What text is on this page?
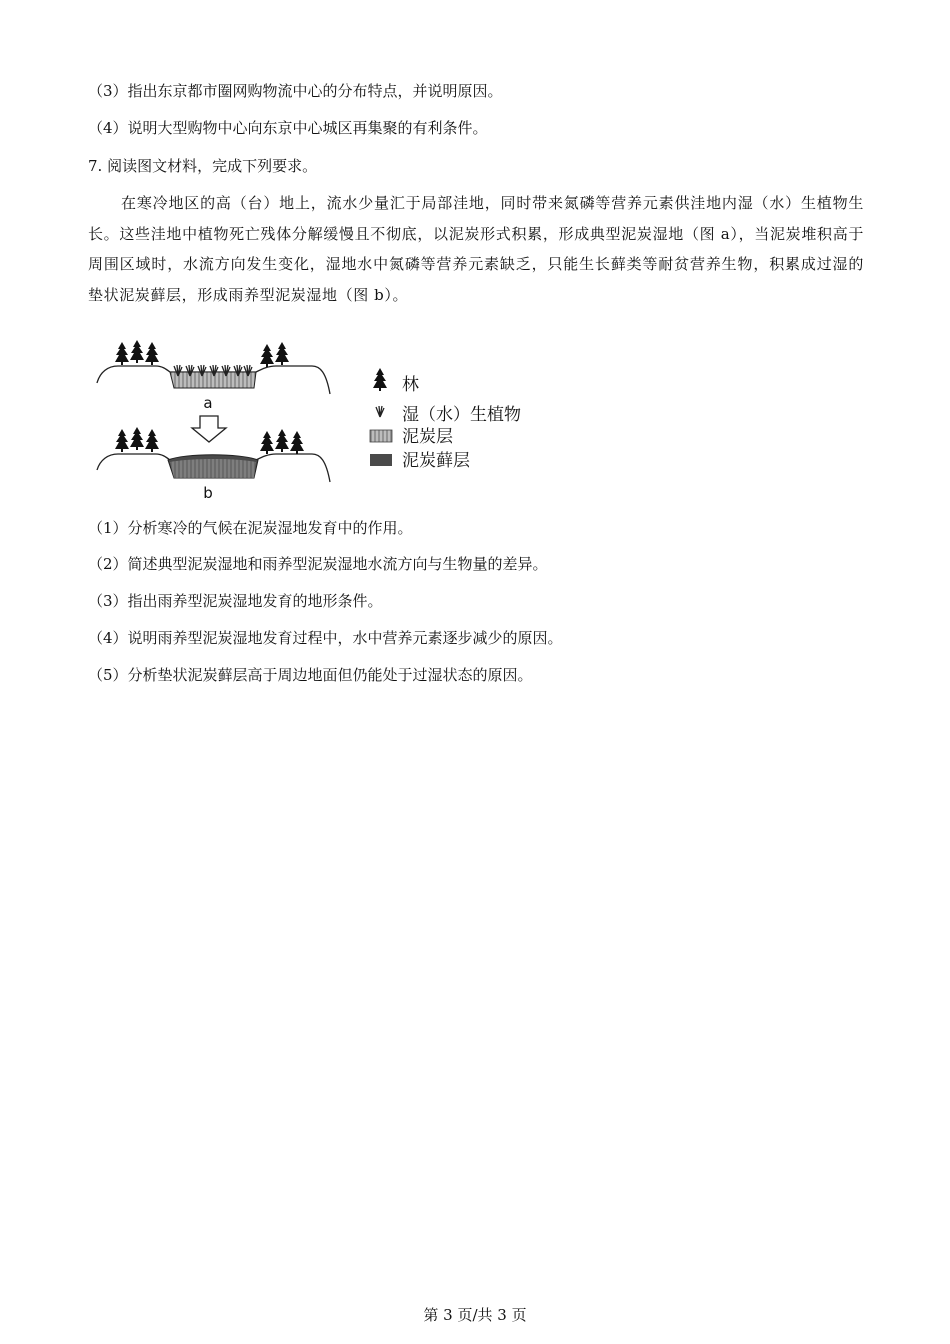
（3）指出东京都市圈网购物流中心的分布特点，并说明原因。
（4）说明大型购物中心向东京中心城区再集聚的有利条件。
7. 阅读图文材料，完成下列要求。
在寒冷地区的高（台）地上，流水少量汇于局部洼地，同时带来氮磷等营养元素供洼地内湿（水）生植物生长。这些洼地中植物死亡残体分解缓慢且不彻底，以泥炭形式积累，形成典型泥炭湿地（图 a），当泥炭堆积高于周围区域时，水流方向发生变化，湿地水中氮磷等营养元素缺乏，只能生长藓类等耐贫营养生物，积累成过湿的垫状泥炭藓层，形成雨养型泥炭湿地（图 b）。
a
b
林
湿（水）生植物
泥炭层
泥炭藓层
（1）分析寒冷的气候在泥炭湿地发育中的作用。
（2）简述典型泥炭湿地和雨养型泥炭湿地水流方向与生物量的差异。
（3）指出雨养型泥炭湿地发育的地形条件。
（4）说明雨养型泥炭湿地发育过程中，水中营养元素逐步减少的原因。
（5）分析垫状泥炭藓层高于周边地面但仍能处于过湿状态的原因。
第 3 页/共 3 页
